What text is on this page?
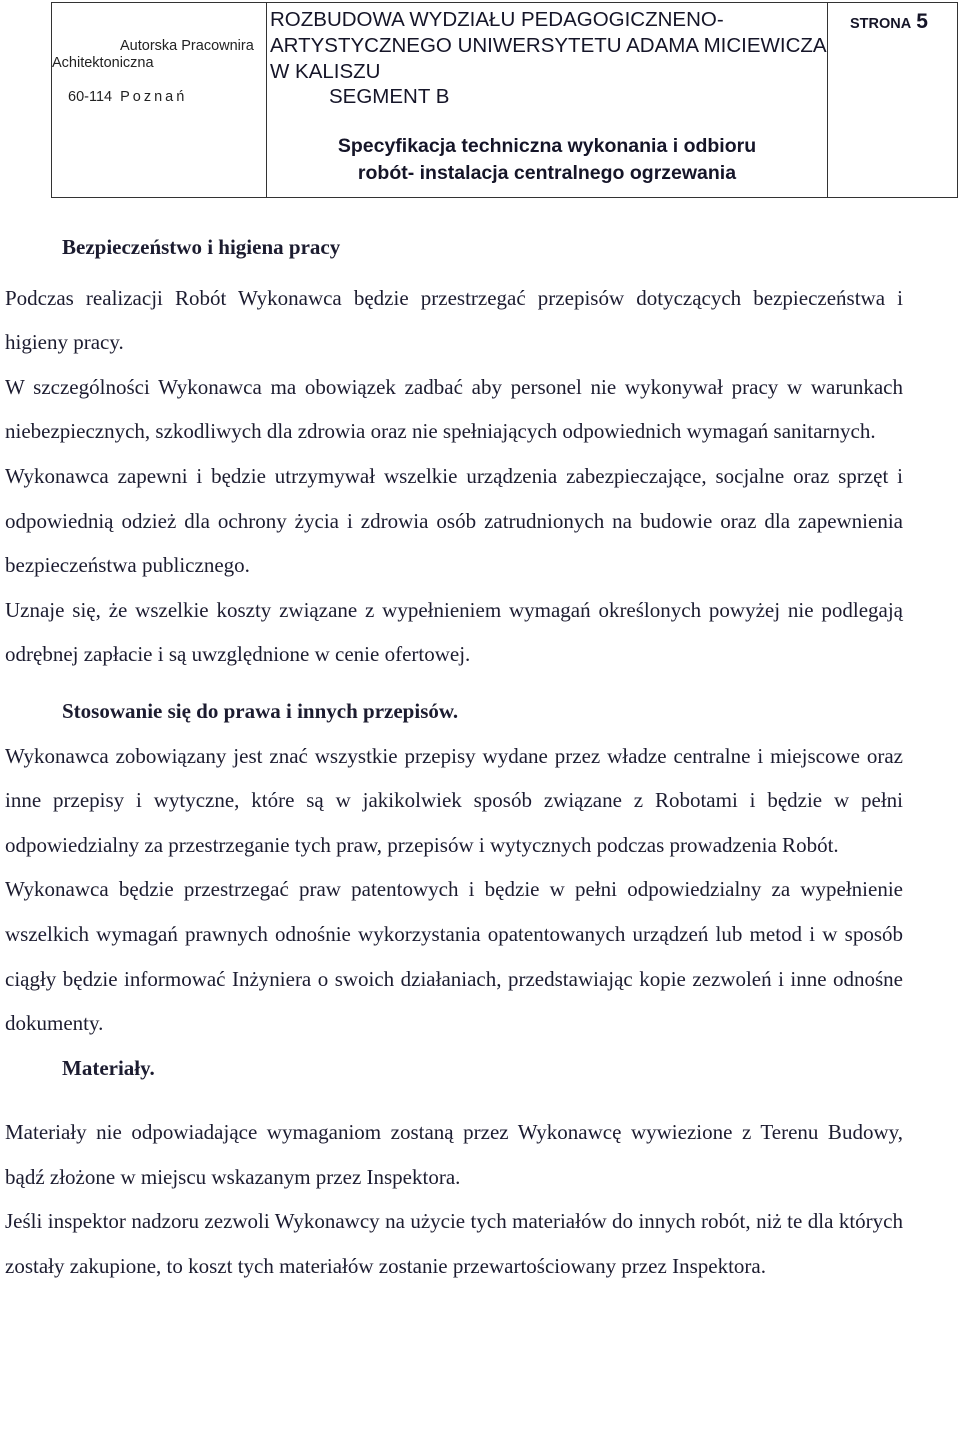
Autorska Pracownira
Achitektoniczna
60-114 Poznań
ROZBUDOWA WYDZIAŁU PEDAGOGICZNENO-
ARTYSTYCZNEGO UNIWERSYTETU ADAMA MICIEWICZA
W KALISZU
SEGMENT B
Specyfikacja techniczna wykonania i odbioru
robót- instalacja centralnego ogrzewania
STRONA 5
Bezpieczeństwo i higiena pracy

Podczas realizacji Robót Wykonawca będzie przestrzegać przepisów dotyczących bezpieczeństwa i higieny pracy.

W szczególności Wykonawca ma obowiązek zadbać aby personel nie wykonywał pracy w warunkach niebezpiecznych, szkodliwych dla zdrowia oraz nie spełniających odpowiednich wymagań sanitarnych.

Wykonawca zapewni i będzie utrzymywał wszelkie urządzenia zabezpieczające, socjalne oraz sprzęt i odpowiednią odzież dla ochrony życia i zdrowia osób zatrudnionych na budowie oraz dla zapewnienia bezpieczeństwa publicznego.

Uznaje się, że wszelkie koszty związane z wypełnieniem wymagań określonych powyżej nie podlegają odrębnej zapłacie i są uwzględnione w cenie ofertowej.

Stosowanie się do prawa i innych przepisów.

Wykonawca zobowiązany jest znać wszystkie przepisy wydane przez władze centralne i miejscowe oraz inne przepisy i wytyczne, które są w jakikolwiek sposób związane z Robotami i będzie w pełni odpowiedzialny za przestrzeganie tych praw, przepisów i wytycznych podczas prowadzenia Robót.

Wykonawca będzie przestrzegać praw patentowych i będzie w pełni odpowiedzialny za wypełnienie wszelkich wymagań prawnych odnośnie wykorzystania opatentowanych urządzeń lub metod i w sposób ciągły będzie informować Inżyniera o swoich działaniach, przedstawiając kopie zezwoleń i inne odnośne dokumenty.

Materiały.

Materiały nie odpowiadające wymaganiom zostaną przez Wykonawcę wywiezione z Terenu Budowy, bądź złożone w miejscu wskazanym przez Inspektora.

Jeśli inspektor nadzoru zezwoli Wykonawcy na użycie tych materiałów do innych robót, niż te dla których zostały zakupione, to koszt tych materiałów zostanie przewartościowany przez Inspektora.
